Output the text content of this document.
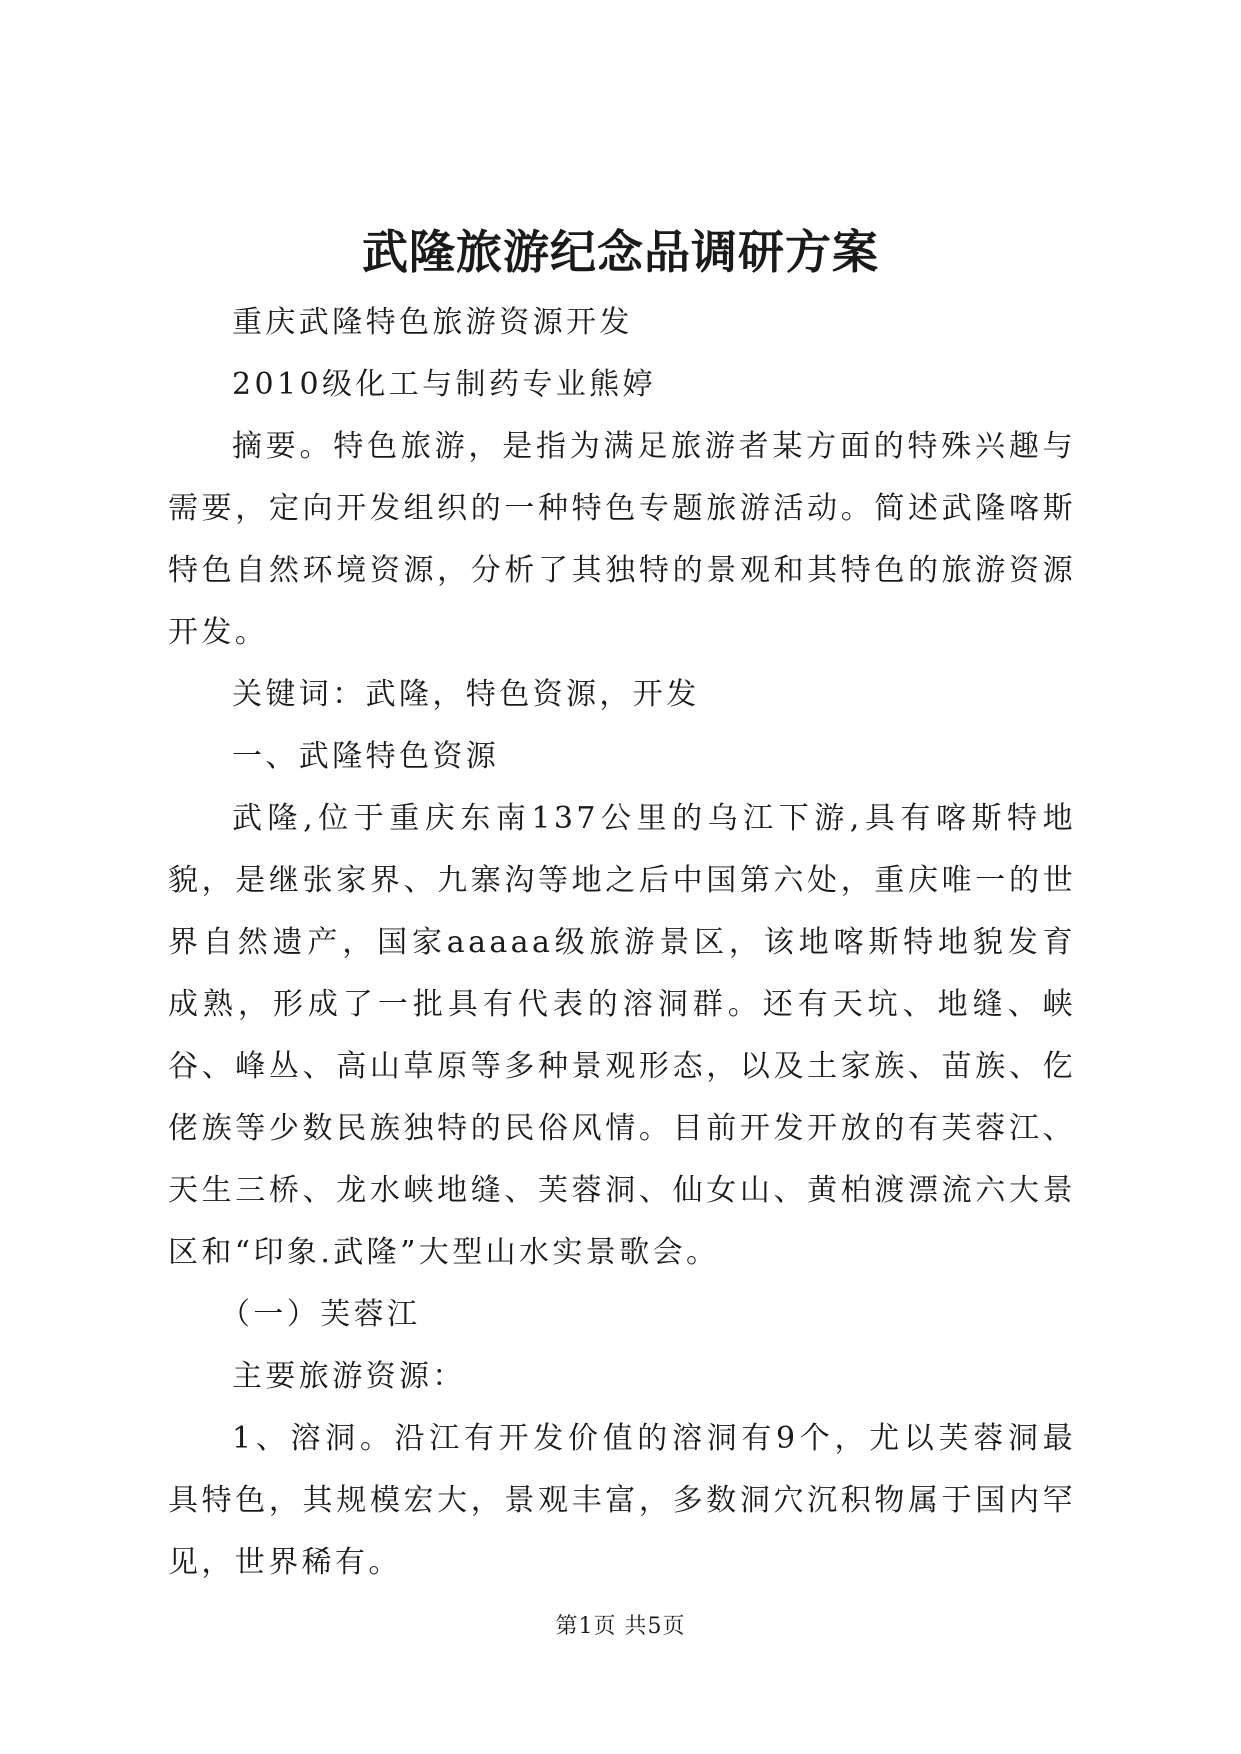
武隆旅游纪念品调研方案

重庆武隆特色旅游资源开发

2010级化工与制药专业熊婷

摘要。特色旅游，是指为满足旅游者某方面的特殊兴趣与需要，定向开发组织的一种特色专题旅游活动。简述武隆喀斯特色自然环境资源，分析了其独特的景观和其特色的旅游资源开发。

关键词：武隆，特色资源，开发

一、武隆特色资源

武隆,位于重庆东南137公里的乌江下游,具有喀斯特地貌，是继张家界、九寨沟等地之后中国第六处，重庆唯一的世界自然遗产，国家aaaaa级旅游景区，该地喀斯特地貌发育成熟，形成了一批具有代表的溶洞群。还有天坑、地缝、峡谷、峰丛、高山草原等多种景观形态，以及土家族、苗族、仡佬族等少数民族独特的民俗风情。目前开发开放的有芙蓉江、天生三桥、龙水峡地缝、芙蓉洞、仙女山、黄柏渡漂流六大景区和“印象.武隆”大型山水实景歌会。

（一）芙蓉江

主要旅游资源：

1、溶洞。沿江有开发价值的溶洞有9个，尤以芙蓉洞最具特色，其规模宏大，景观丰富，多数洞穴沉积物属于国内罕见，世界稀有。

第1页 共5页
